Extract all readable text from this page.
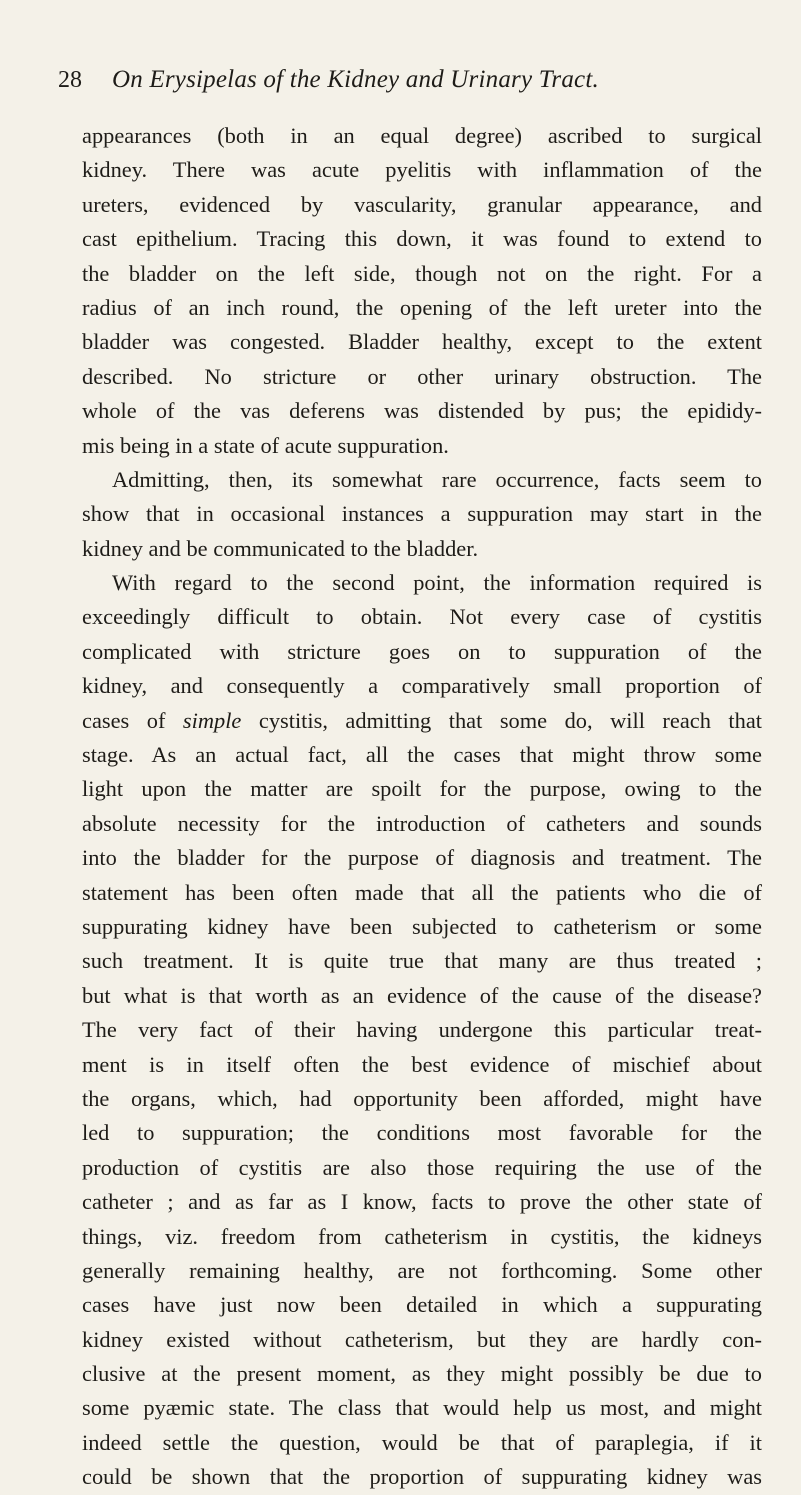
28 On Erysipelas of the Kidney and Urinary Tract.
appearances (both in an equal degree) ascribed to surgical
kidney. There was acute pyelitis with inflammation of the
ureters, evidenced by vascularity, granular appearance, and
cast epithelium. Tracing this down, it was found to extend to
the bladder on the left side, though not on the right. For a
radius of an inch round, the opening of the left ureter into the
bladder was congested. Bladder healthy, except to the extent
described. No stricture or other urinary obstruction. The
whole of the vas deferens was distended by pus; the epididy-
mis being in a state of acute suppuration.
Admitting, then, its somewhat rare occurrence, facts seem to
show that in occasional instances a suppuration may start in the
kidney and be communicated to the bladder.
With regard to the second point, the information required is
exceedingly difficult to obtain. Not every case of cystitis
complicated with stricture goes on to suppuration of the
kidney, and consequently a comparatively small proportion of
cases of simple cystitis, admitting that some do, will reach that
stage. As an actual fact, all the cases that might throw some
light upon the matter are spoilt for the purpose, owing to the
absolute necessity for the introduction of catheters and sounds
into the bladder for the purpose of diagnosis and treatment. The
statement has been often made that all the patients who die of
suppurating kidney have been subjected to catheterism or some
such treatment. It is quite true that many are thus treated ;
but what is that worth as an evidence of the cause of the disease?
The very fact of their having undergone this particular treat-
ment is in itself often the best evidence of mischief about
the organs, which, had opportunity been afforded, might have
led to suppuration; the conditions most favorable for the
production of cystitis are also those requiring the use of the
catheter ; and as far as I know, facts to prove the other state of
things, viz. freedom from catheterism in cystitis, the kidneys
generally remaining healthy, are not forthcoming. Some other
cases have just now been detailed in which a suppurating
kidney existed without catheterism, but they are hardly con-
clusive at the present moment, as they might possibly be due to
some pyæmic state. The class that would help us most, and might
indeed settle the question, would be that of paraplegia, if it
could be shown that the proportion of suppurating kidney was
